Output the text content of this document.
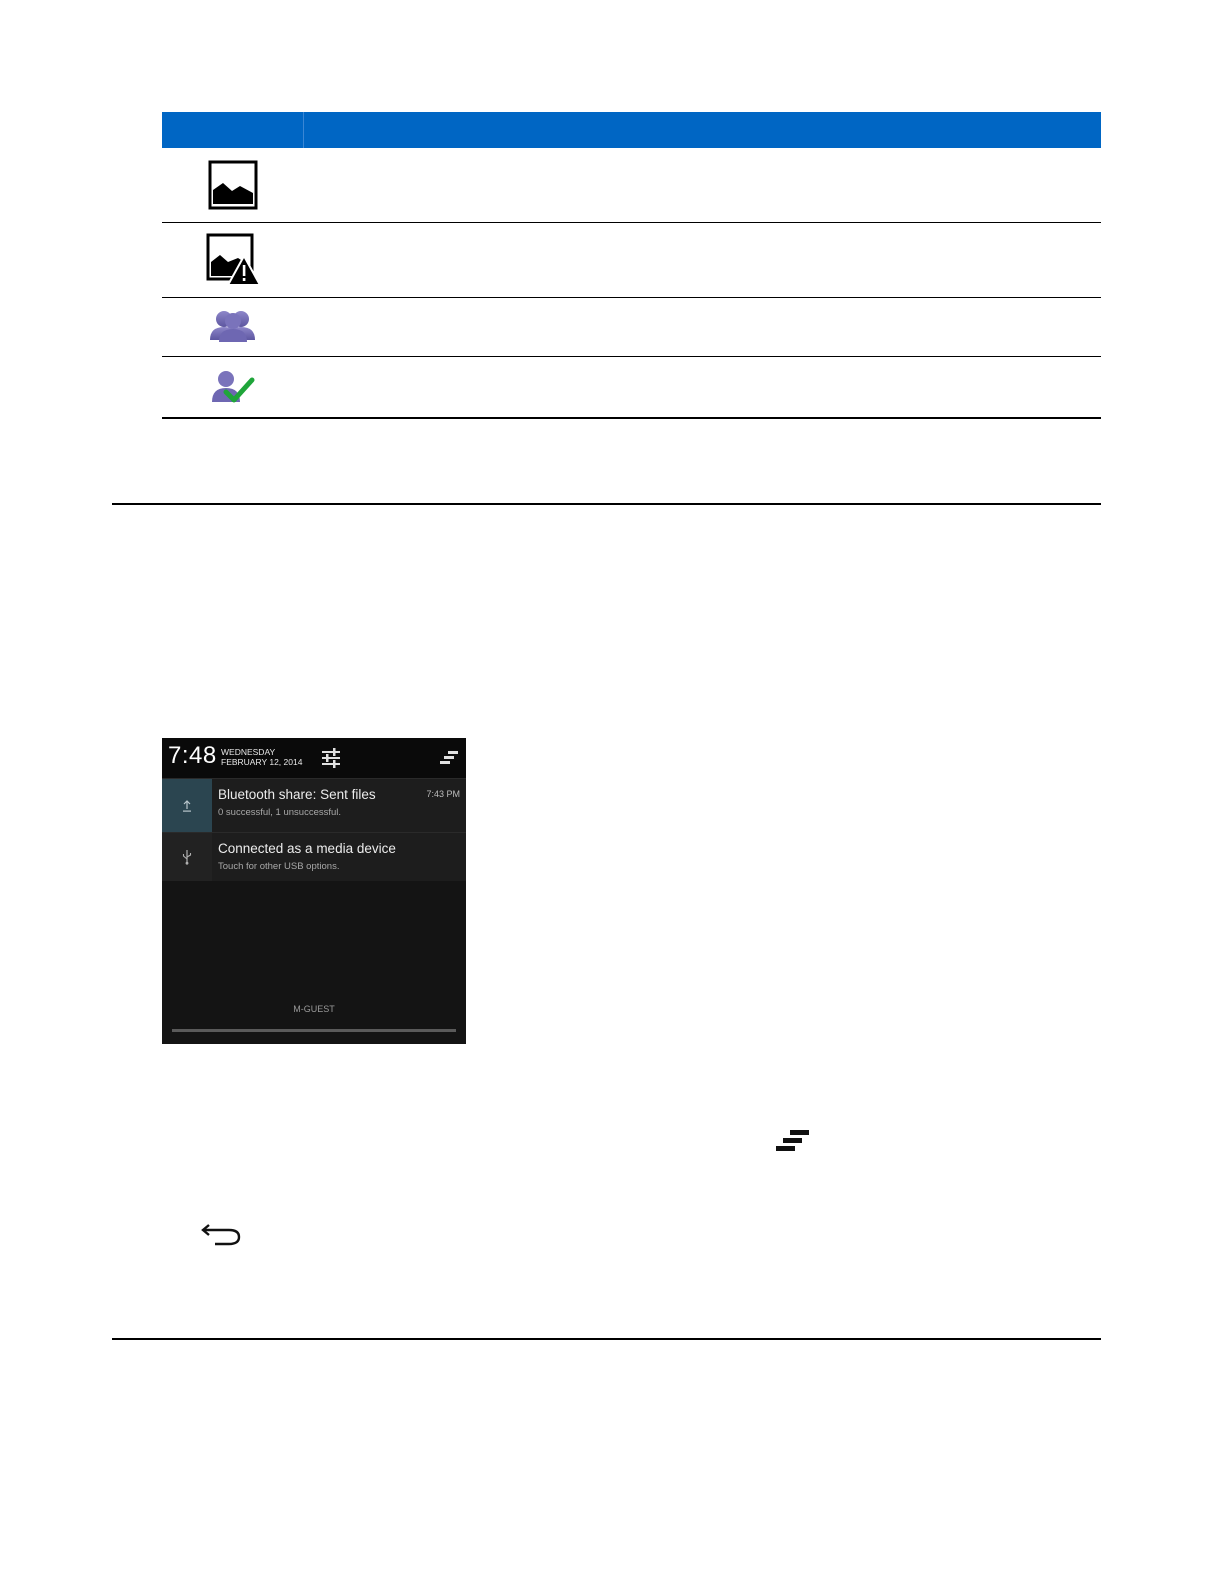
7:48 WEDNESDAY
FEBRUARY 12, 2014
Bluetooth share: Sent files
0 successful, 1 unsuccessful.
7:43 PM
Connected as a media device
Touch for other USB options.
M-GUEST
